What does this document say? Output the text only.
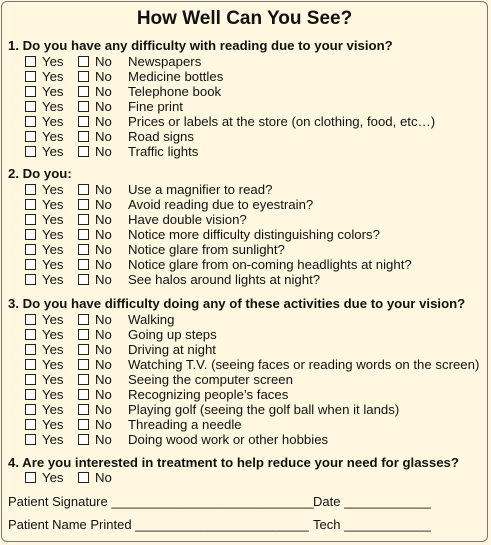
How Well Can You See?
1. Do you have any difficulty with reading due to your vision?
Yes No Newspapers
Yes No Medicine bottles
Yes No Telephone book
Yes No Fine print
Yes No Prices or labels at the store (on clothing, food, etc…)
Yes No Road signs
Yes No Traffic lights
2. Do you:
Yes No Use a magnifier to read?
Yes No Avoid reading due to eyestrain?
Yes No Have double vision?
Yes No Notice more difficulty distinguishing colors?
Yes No Notice glare from sunlight?
Yes No Notice glare from on-coming headlights at night?
Yes No See halos around lights at night?
3. Do you have difficulty doing any of these activities due to your vision?
Yes No Walking
Yes No Going up steps
Yes No Driving at night
Yes No Watching T.V. (seeing faces or reading words on the screen)
Yes No Seeing the computer screen
Yes No Recognizing people’s faces
Yes No Playing golf (seeing the golf ball when it lands)
Yes No Threading a needle
Yes No Doing wood work or other hobbies
4. Are you interested in treatment to help reduce your need for glasses?
Yes No
Patient Signature ____________________________ Date ____________
Patient Name Printed ________________________ Tech ____________
